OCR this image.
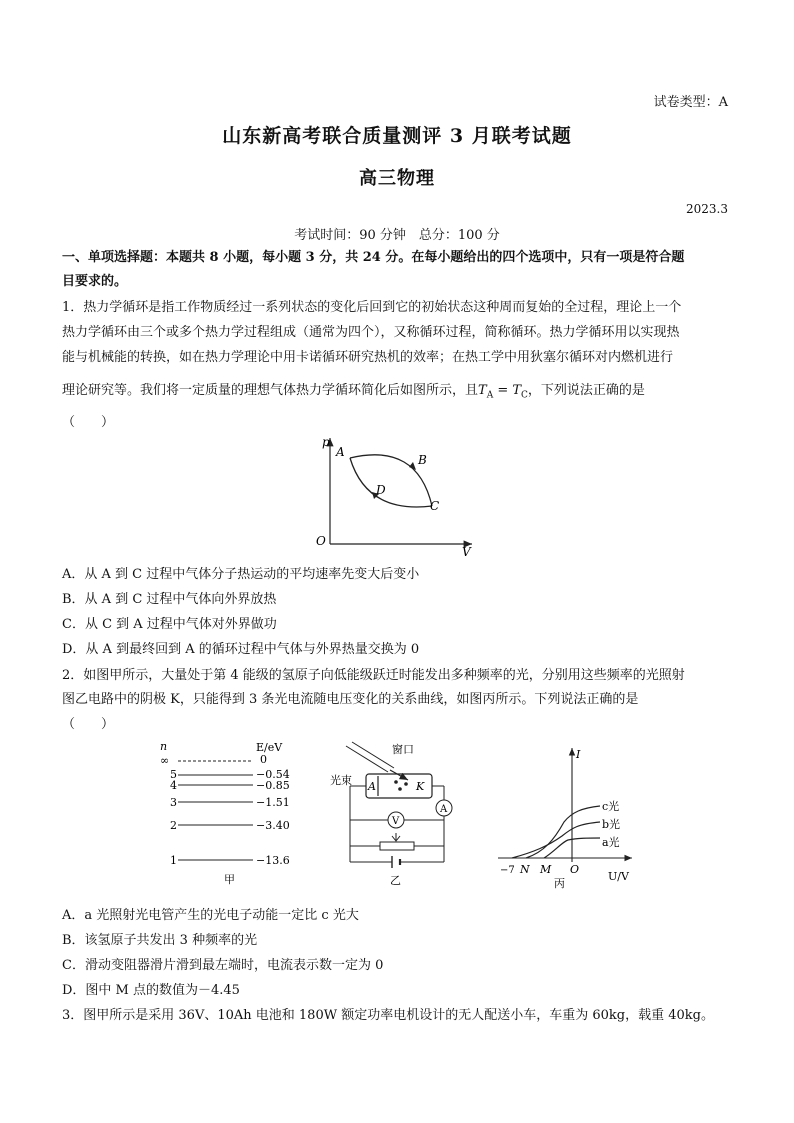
试卷类型：A
山东新高考联合质量测评 3 月联考试题
高三物理
2023.3
考试时间：90 分钟　总分：100 分
一、单项选择题：本题共 8 小题，每小题 3 分，共 24 分。在每小题给出的四个选项中，只有一项是符合题
目要求的。
1．热力学循环是指工作物质经过一系列状态的变化后回到它的初始状态这种周而复始的全过程，理论上一个
热力学循环由三个或多个热力学过程组成（通常为四个），又称循环过程，简称循环。热力学循环用以实现热
能与机械能的转换，如在热力学理论中用卡诺循环研究热机的效率；在热工学中用狄塞尔循环对内燃机进行
理论研究等。我们将一定质量的理想气体热力学循环简化后如图所示，且$T_A = T_C$，下列说法正确的是
（　　）
p
V
O
A
B
C
D
A．从 A 到 C 过程中气体分子热运动的平均速率先变大后变小
B．从 A 到 C 过程中气体向外界放热
C．从 C 到 A 过程中气体对外界做功
D．从 A 到最终回到 A 的循环过程中气体与外界热量交换为 0
2．如图甲所示，大量处于第 4 能级的氢原子向低能级跃迁时能发出多种频率的光，分别用这些频率的光照射
图乙电路中的阴极 K，只能得到 3 条光电流随电压变化的关系曲线，如图丙所示。下列说法正确的是
（　　）
n	E/eV
∞	0
5	−0.54
4	−0.85
3	−1.51
2	−3.40
1	−13.6
甲
窗口
光束 A	K
A
V
乙
I
U/V
O
N M
−7
c光
b光
a光
丙
A．a 光照射光电管产生的光电子动能一定比 c 光大
B．该氢原子共发出 3 种频率的光
C．滑动变阻器滑片滑到最左端时，电流表示数一定为 0
D．图中 M 点的数值为－4.45
3．图甲所示是采用 36V、10Ah 电池和 180W 额定功率电机设计的无人配送小车，车重为 60kg，载重 40kg。
